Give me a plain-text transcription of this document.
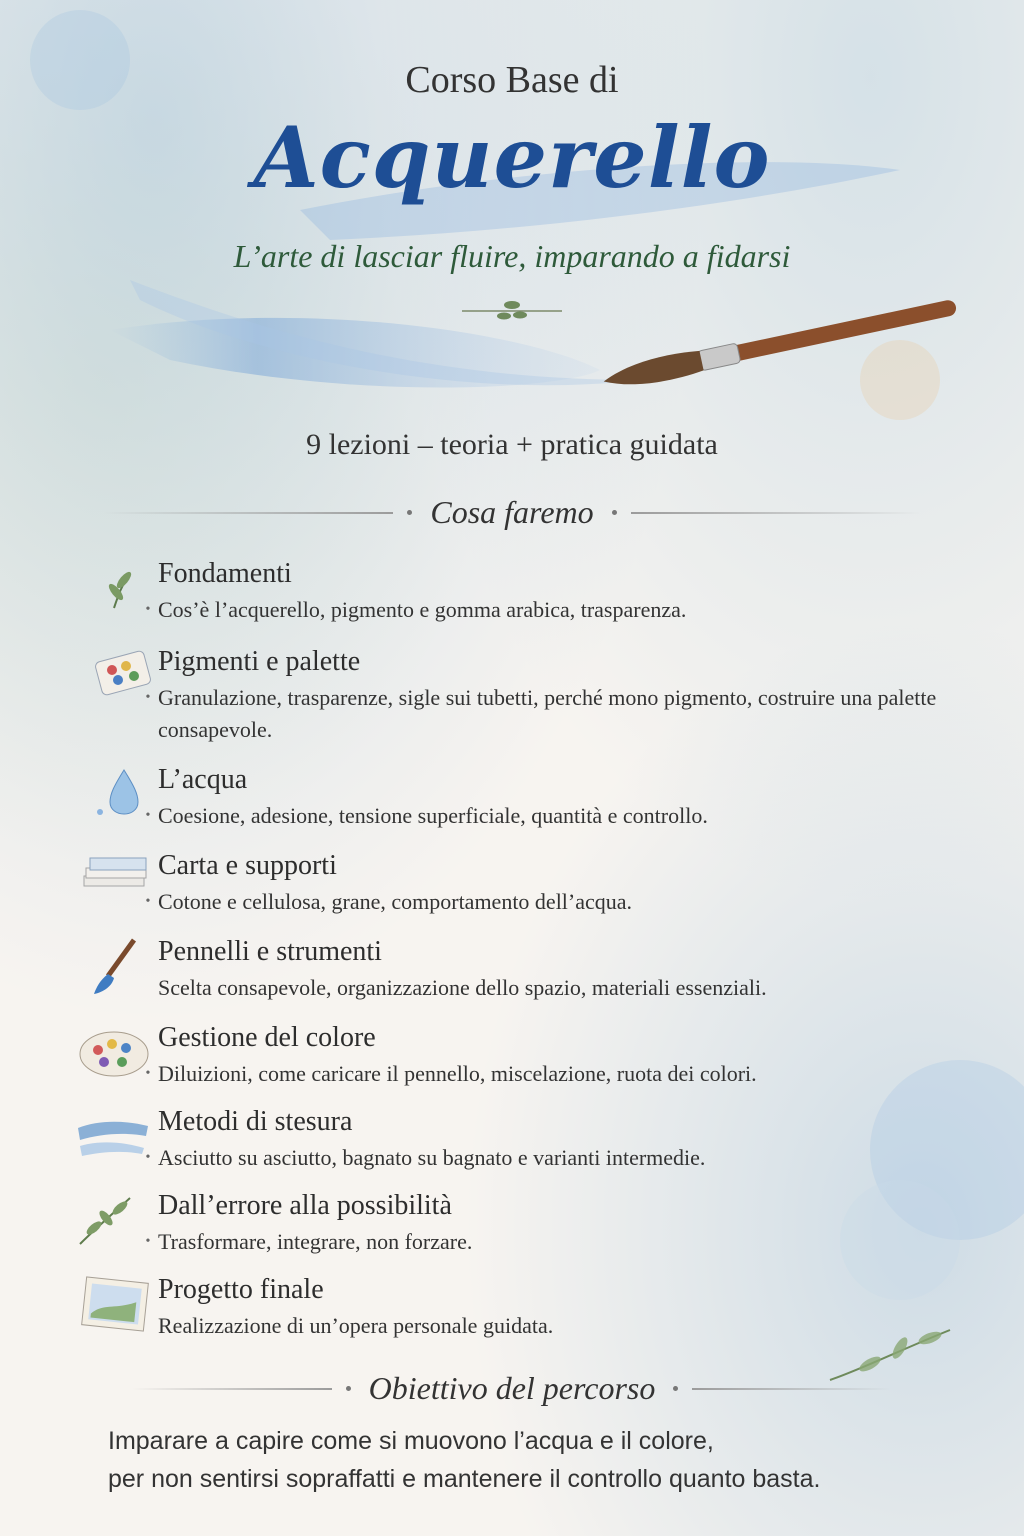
Corso Base di
Acquerello
L’arte di lasciar fluire, imparando a fidarsi
9 lezioni – teoria + pratica guidata
Cosa faremo
Fondamenti
• Cos’è l’acquerello, pigmento e gomma arabica, trasparenza.
Pigmenti e palette
• Granulazione, trasparenze, sigle sui tubetti, perché mono pigmento, costruire una palette consapevole.
L’acqua
• Coesione, adesione, tensione superficiale, quantità e controllo.
Carta e supporti
• Cotone e cellulosa, grane, comportamento dell’acqua.
Pennelli e strumenti
Scelta consapevole, organizzazione dello spazio, materiali essenziali.
Gestione del colore
• Diluizioni, come caricare il pennello, miscelazione, ruota dei colori.
Metodi di stesura
• Asciutto su asciutto, bagnato su bagnato e varianti intermedie.
Dall’errore alla possibilità
• Trasformare, integrare, non forzare.
Progetto finale
Realizzazione di un’opera personale guidata.
Obiettivo del percorso
Imparare a capire come si muovono l’acqua e il colore,
per non sentirsi sopraffatti e mantenere il controllo quanto basta.
